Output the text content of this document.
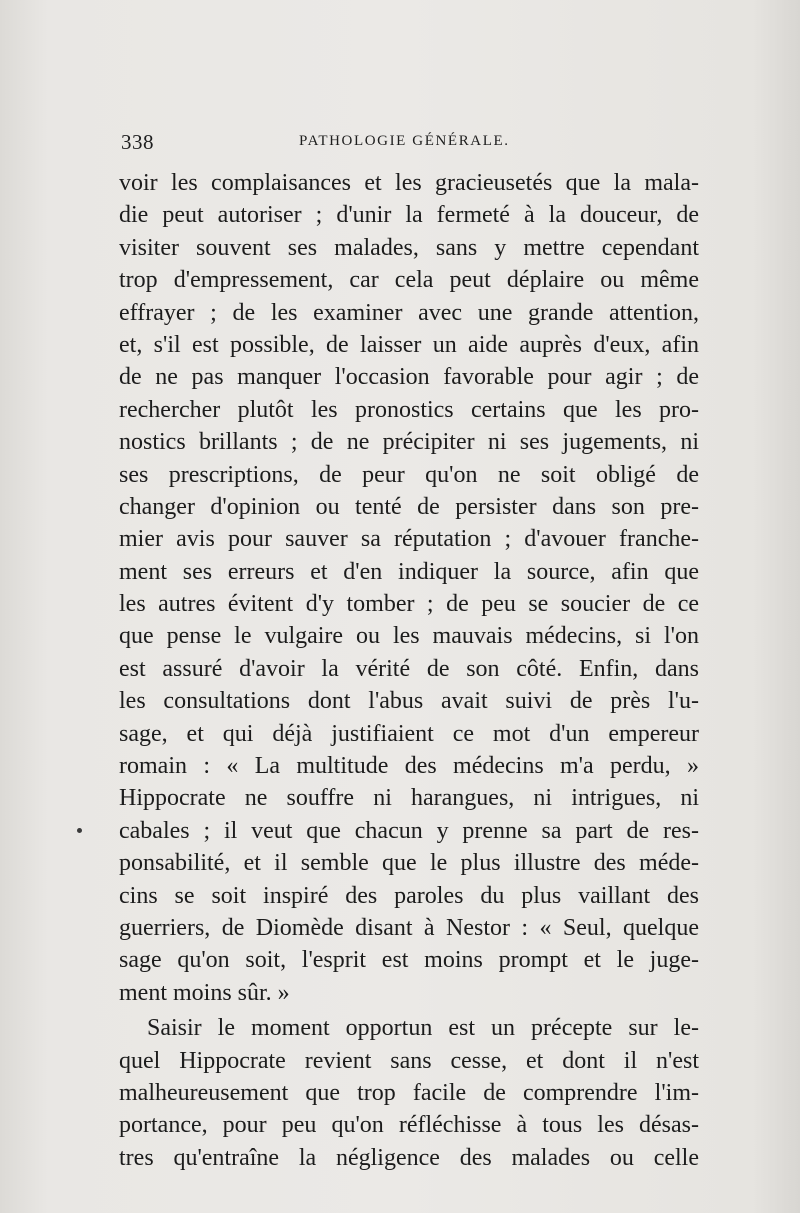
338	PATHOLOGIE GÉNÉRALE.
voir les complaisances et les gracieusetés que la mala-
die peut autoriser ; d'unir la fermeté à la douceur, de
visiter souvent ses malades, sans y mettre cependant
trop d'empressement, car cela peut déplaire ou même
effrayer ; de les examiner avec une grande attention,
et, s'il est possible, de laisser un aide auprès d'eux, afin
de ne pas manquer l'occasion favorable pour agir ; de
rechercher plutôt les pronostics certains que les pro-
nostics brillants ; de ne précipiter ni ses jugements, ni
ses prescriptions, de peur qu'on ne soit obligé de
changer d'opinion ou tenté de persister dans son pre-
mier avis pour sauver sa réputation ; d'avouer franche-
ment ses erreurs et d'en indiquer la source, afin que
les autres évitent d'y tomber ; de peu se soucier de ce
que pense le vulgaire ou les mauvais médecins, si l'on
est assuré d'avoir la vérité de son côté. Enfin, dans
les consultations dont l'abus avait suivi de près l'u-
sage, et qui déjà justifiaient ce mot d'un empereur
romain : « La multitude des médecins m'a perdu, »
Hippocrate ne souffre ni harangues, ni intrigues, ni
cabales ; il veut que chacun y prenne sa part de res-
ponsabilité, et il semble que le plus illustre des méde-
cins se soit inspiré des paroles du plus vaillant des
guerriers, de Diomède disant à Nestor : « Seul, quelque
sage qu'on soit, l'esprit est moins prompt et le juge-
ment moins sûr. »
Saisir le moment opportun est un précepte sur le-
quel Hippocrate revient sans cesse, et dont il n'est
malheureusement que trop facile de comprendre l'im-
portance, pour peu qu'on réfléchisse à tous les désas-
tres qu'entraîne la négligence des malades ou celle
